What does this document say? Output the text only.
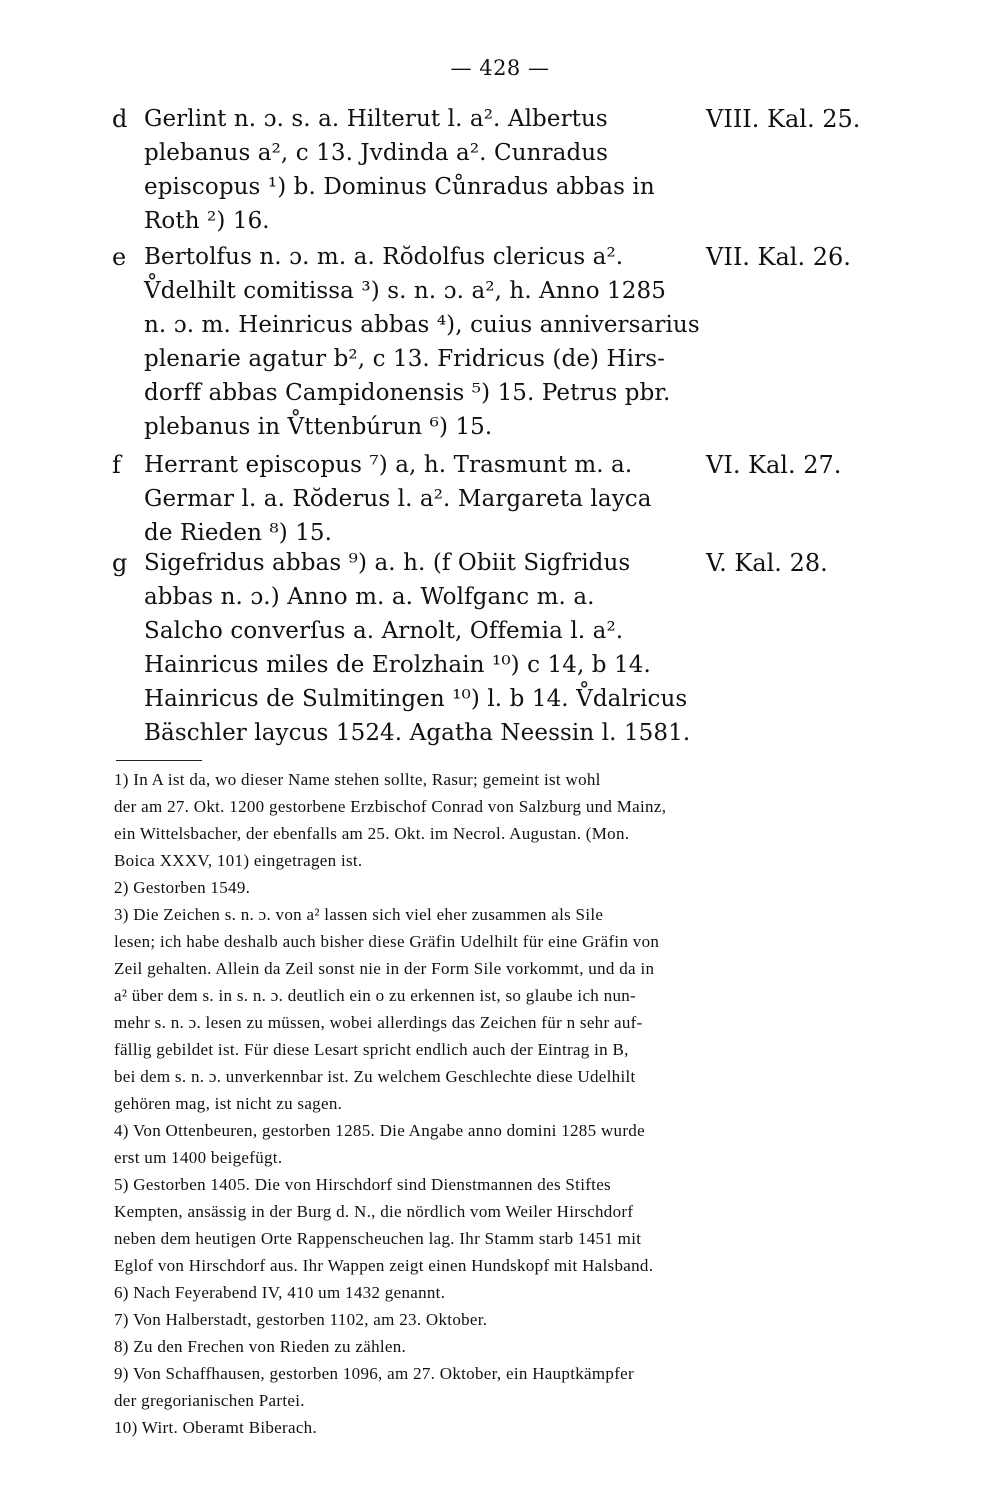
— 428 —
d Gerlint n. ɔ. s. a. Hilterut l. a². Albertus
plebanus a², c 13. Jvdinda a². Cunradus
episcopus ¹) b. Dominus Cůnradus abbas in
Roth ²) 16.
VIII. Kal. 25.
e Bertolfus n. ɔ. m. a. Rŏdolfus clericus a².
V̊delhilt comitissa ³) s. n. ɔ. a², h. Anno 1285
n. ɔ. m. Heinricus abbas ⁴), cuius anniversarius
plenarie agatur b², c 13. Fridricus (de) Hirs-
dorff abbas Campidonensis ⁵) 15. Petrus pbr.
plebanus in V̊ttenbúrun ⁶) 15.
VII. Kal. 26.
f Herrant episcopus ⁷) a, h. Trasmunt m. a.
Germar l. a. Rŏderus l. a². Margareta layca
de Rieden ⁸) 15.
VI. Kal. 27.
g Sigefridus abbas ⁹) a. h. (f Obiit Sigfridus
abbas n. ɔ.) Anno m. a. Wolfganc m. a.
Salcho converſus a. Arnolt, Offemia l. a².
Hainricus miles de Erolzhain ¹⁰) c 14, b 14.
Hainricus de Sulmitingen ¹⁰) l. b 14. V̊dalricus
Bäschler laycus 1524. Agatha Neessin l. 1581.
V. Kal. 28.
1) In A ist da, wo dieser Name stehen sollte, Rasur; gemeint ist wohl
der am 27. Okt. 1200 gestorbene Erzbischof Conrad von Salzburg und Mainz,
ein Wittelsbacher, der ebenfalls am 25. Okt. im Necrol. Augustan. (Mon.
Boica XXXV, 101) eingetragen ist.
2) Gestorben 1549.
3) Die Zeichen s. n. ɔ. von a² lassen sich viel eher zusammen als Sile
lesen; ich habe deshalb auch bisher diese Gräfin Udelhilt für eine Gräfin von
Zeil gehalten. Allein da Zeil sonst nie in der Form Sile vorkommt, und da in
a² über dem s. in s. n. ɔ. deutlich ein o zu erkennen ist, so glaube ich nun-
mehr s. n. ɔ. lesen zu müssen, wobei allerdings das Zeichen für n sehr auf-
fällig gebildet ist. Für diese Lesart spricht endlich auch der Eintrag in B,
bei dem s. n. ɔ. unverkennbar ist. Zu welchem Geschlechte diese Udelhilt
gehören mag, ist nicht zu sagen.
4) Von Ottenbeuren, gestorben 1285. Die Angabe anno domini 1285 wurde
erst um 1400 beigefügt.
5) Gestorben 1405. Die von Hirschdorf sind Dienstmannen des Stiftes
Kempten, ansässig in der Burg d. N., die nördlich vom Weiler Hirschdorf
neben dem heutigen Orte Rappenscheuchen lag. Ihr Stamm starb 1451 mit
Eglof von Hirschdorf aus. Ihr Wappen zeigt einen Hundskopf mit Halsband.
6) Nach Feyerabend IV, 410 um 1432 genannt.
7) Von Halberstadt, gestorben 1102, am 23. Oktober.
8) Zu den Frechen von Rieden zu zählen.
9) Von Schaffhausen, gestorben 1096, am 27. Oktober, ein Hauptkämpfer
der gregorianischen Partei.
10) Wirt. Oberamt Biberach.
